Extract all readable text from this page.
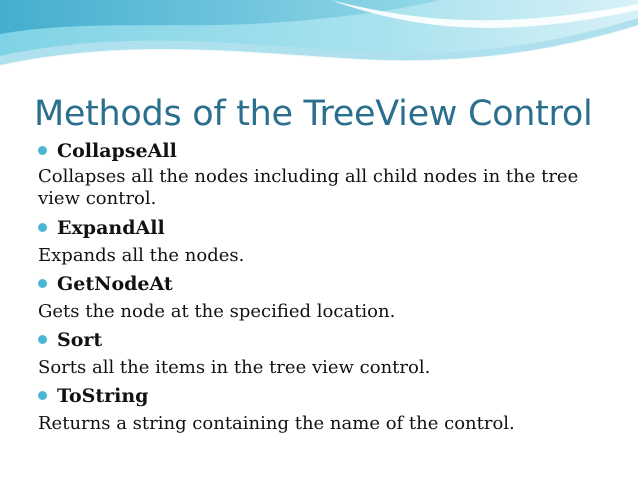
Methods of the TreeView Control
CollapseAll
Collapses all the nodes including all child nodes in the tree view control.
ExpandAll
Expands all the nodes.
GetNodeAt
Gets the node at the specified location.
Sort
Sorts all the items in the tree view control.
ToString
Returns a string containing the name of the control.
